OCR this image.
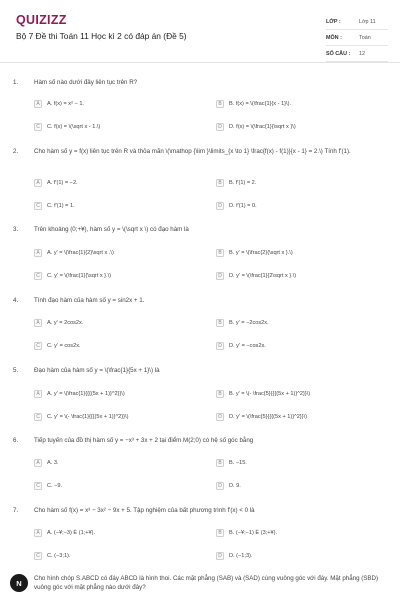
QUIZIZZ
Bộ 7 Đề thi Toán 11 Học kì 2 có đáp án (Đề 5)
LỚP :	Lớp 11
MÔN :	Toán
SỐ CÂU :	12
1.	Hàm số nào dưới đây liên tục trên R?
A	A. f(x) = x² − 1.	B	B. f(x) = \(\frac{1}{x - 1}\).
C	C. f(x) = \(\sqrt x - 1.\)	D	D. f(x) = \(\frac{1}{\sqrt x }\)
2.	Cho hàm số y = f(x) liên tục trên R và thỏa mãn \(\mathop {\lim }\limits_{x \to 1} \frac{f(x) - f(1)}{x - 1} = 2.\) Tính f'(1).
A	A. f'(1) = −2.	B	B. f'(1) = 2.
C	C. f'(1) = 1.	D	D. f'(1) = 0.
3.	Trên khoảng (0;+¥), hàm số y = \(\sqrt x \) có đạo hàm là
A	A. y' = \(\frac{1}{2}\sqrt x .\)	B	B. y' = \(\frac{2}{\sqrt x }.\)
C	C. y' = \(\frac{1}{\sqrt x }.\)	D	D. y' = \(\frac{1}{2\sqrt x }.\)
4.	Tính đạo hàm của hàm số y = sin2x + 1.
A	A. y' = 2cos2x.	B	B. y' = −2cos2x.
C	C. y' = cos2x.	D	D. y' = −cos2x.
5.	Đạo hàm của hàm số y = \(\frac{1}{5x + 1}\) là
A	A. y' = \(\frac{1}{{{(5x + 1)}^2}}\)	B	B. y' = \(- \frac{5}{{{(5x + 1)}^2}}\)
C	C. y' = \(- \frac{1}{{{(5x + 1)}^2}}\)	D	D. y' = \(\frac{5}{{{(5x + 1)}^2}}\)
6.	Tiếp tuyến của đồ thị hàm số y = −x³ + 3x + 2 tại điểm M(2;0) có hệ số góc bằng
A	A. 3.	B	B. −15.
C	C. −9.	D	D. 9.
7.	Cho hàm số f(x) = x³ − 3x² − 9x + 5. Tập nghiệm của bất phương trình f'(x) < 0 là
A	A. (−¥;−3) È (1;+¥).	B	B. (−¥;−1) È (3;+¥).
C	C. (−3;1).	D	D. (−1;3).
N	Cho hình chóp S.ABCD có đáy ABCD là hình thoi. Các mặt phẳng (SAB) và (SAD) cùng vuông góc với đáy. Mặt phẳng (SBD) vuông góc với mặt phẳng nào dưới đây?
